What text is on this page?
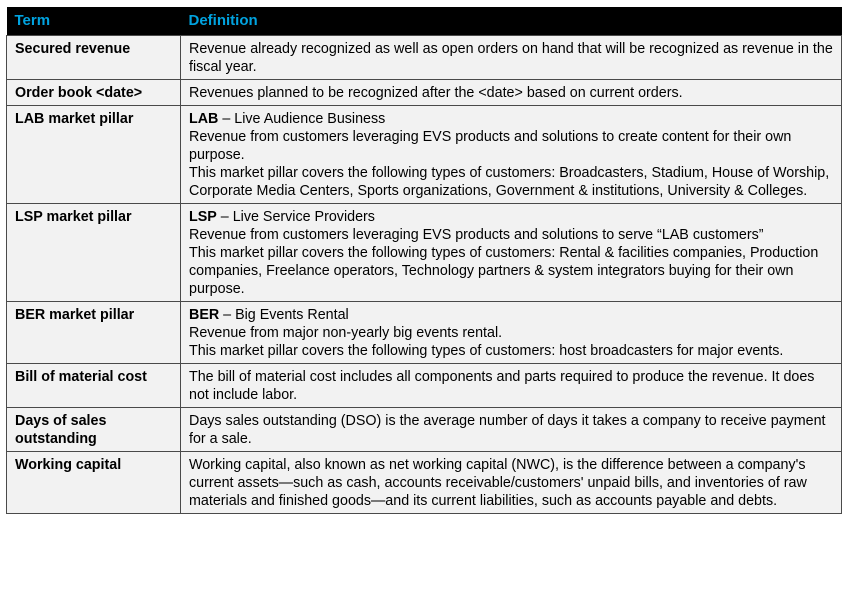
Term	Definition
Secured revenue	Revenue already recognized as well as open orders on hand that will be recognized as revenue in the fiscal year.

Order book <date>	Revenues planned to be recognized after the <date> based on current orders.

LAB market pillar	LAB – Live Audience Business
Revenue from customers leveraging EVS products and solutions to create content for their own purpose.
This market pillar covers the following types of customers: Broadcasters, Stadium, House of Worship, Corporate Media Centers, Sports organizations, Government & institutions, University & Colleges.

LSP market pillar	LSP – Live Service Providers
Revenue from customers leveraging EVS products and solutions to serve “LAB customers”
This market pillar covers the following types of customers: Rental & facilities companies, Production companies, Freelance operators, Technology partners & system integrators buying for their own purpose.

BER market pillar	BER – Big Events Rental
Revenue from major non-yearly big events rental.
This market pillar covers the following types of customers: host broadcasters for major events.

Bill of material cost	The bill of material cost includes all components and parts required to produce the revenue. It does not include labor.

Days of sales outstanding	Days sales outstanding (DSO) is the average number of days it takes a company to receive payment for a sale.

Working capital	Working capital, also known as net working capital (NWC), is the difference between a company's current assets—such as cash, accounts receivable/customers' unpaid bills, and inventories of raw materials and finished goods—and its current liabilities, such as accounts payable and debts.
